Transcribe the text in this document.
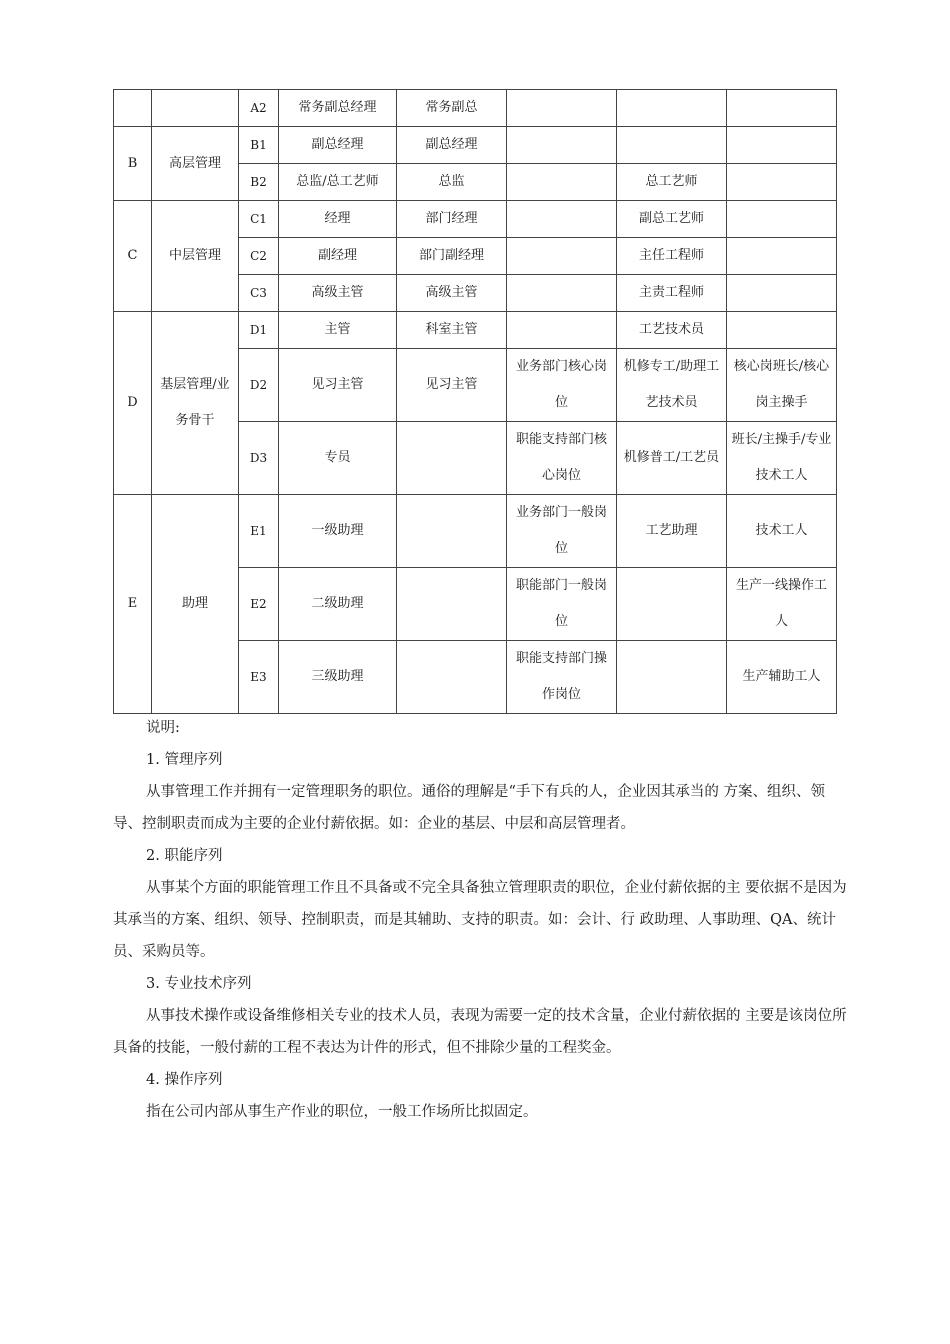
		A2	常务副总经理	常务副总			
B	高层管理	B1	副总经理	副总经理			
		B2	总监/总工艺师	总监		总工艺师	
C	中层管理	C1	经理	部门经理		副总工艺师	
		C2	副经理	部门副经理		主任工程师	
		C3	高级主管	高级主管		主责工程师	
D	基层管理/业务骨干	D1	主管	科室主管		工艺技术员	
		D2	见习主管	见习主管	业务部门核心岗位	机修专工/助理工艺技术员	核心岗班长/核心岗主操手
		D3	专员		职能支持部门核心岗位	机修普工/工艺员	班长/主操手/专业技术工人
E	助理	E1	一级助理		业务部门一般岗位	工艺助理	技术工人
		E2	二级助理		职能部门一般岗位		生产一线操作工人
		E3	三级助理		职能支持部门操作岗位		生产辅助工人
说明:
1. 管理序列
从事管理工作并拥有一定管理职务的职位。通俗的理解是“手下有兵的人，企业因其承当的 方案、组织、领导、控制职责而成为主要的企业付薪依据。如：企业的基层、中层和高层管理者。
2. 职能序列
从事某个方面的职能管理工作且不具备或不完全具备独立管理职责的职位，企业付薪依据的主 要依据不是因为其承当的方案、组织、领导、控制职责，而是其辅助、支持的职责。如：会计、行 政助理、人事助理、QA、统计员、采购员等。
3. 专业技术序列
从事技术操作或设备维修相关专业的技术人员，表现为需要一定的技术含量，企业付薪依据的 主要是该岗位所具备的技能，一般付薪的工程不表达为计件的形式，但不排除少量的工程奖金。
4. 操作序列
指在公司内部从事生产作业的职位，一般工作场所比拟固定。
